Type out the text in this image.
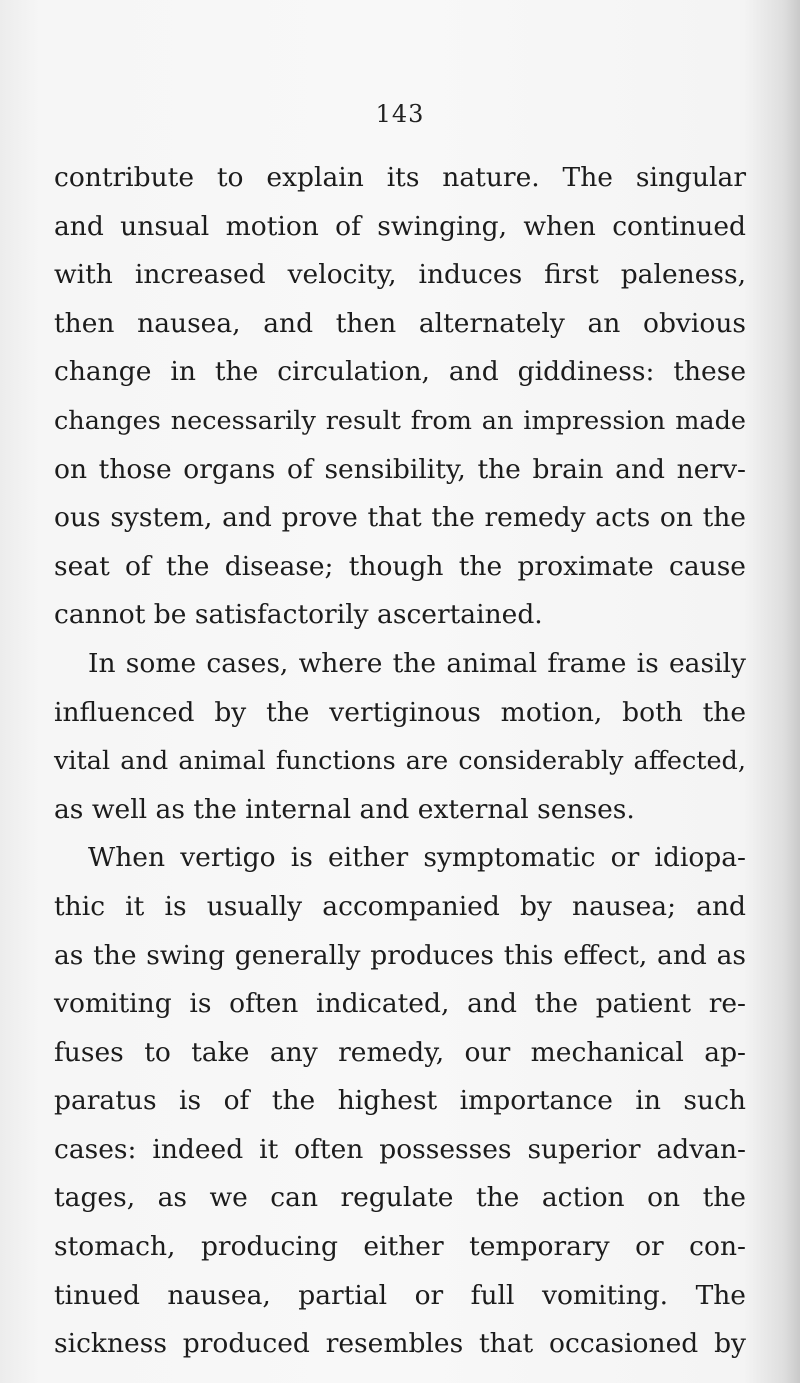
143
contribute to explain its nature. The singular
and unsual motion of swinging, when continued
with increased velocity, induces first paleness,
then nausea, and then alternately an obvious
change in the circulation, and giddiness: these
changes necessarily result from an impression made
on those organs of sensibility, the brain and nerv-
ous system, and prove that the remedy acts on the
seat of the disease; though the proximate cause
cannot be satisfactorily ascertained.
In some cases, where the animal frame is easily
influenced by the vertiginous motion, both the
vital and animal functions are considerably affected,
as well as the internal and external senses.
When vertigo is either symptomatic or idiopa-
thic it is usually accompanied by nausea; and
as the swing generally produces this effect, and as
vomiting is often indicated, and the patient re-
fuses to take any remedy, our mechanical ap-
paratus is of the highest importance in such
cases: indeed it often possesses superior advan-
tages, as we can regulate the action on the
stomach, producing either temporary or con-
tinued nausea, partial or full vomiting. The
sickness produced resembles that occasioned by
